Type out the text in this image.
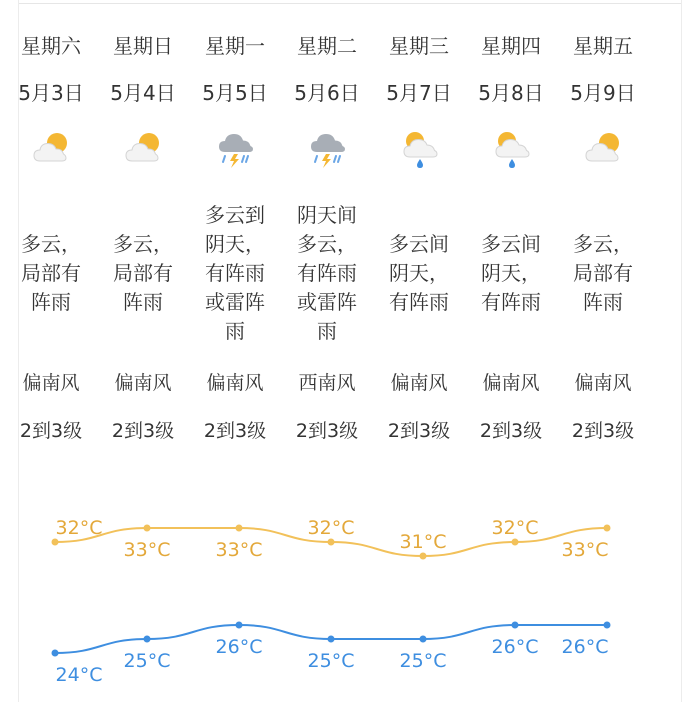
星期六
5月3日
多云，
局部有
阵雨
偏南风
2到3级
星期日
5月4日
多云，
局部有
阵雨
偏南风
2到3级
星期一
5月5日
多云到
阴天，
有阵雨
或雷阵
雨
偏南风
2到3级
星期二
5月6日
阴天间
多云，
有阵雨
或雷阵
雨
西南风
2到3级
星期三
5月7日
多云间
阴天，
有阵雨
偏南风
2到3级
星期四
5月8日
多云间
阴天，
有阵雨
偏南风
2到3级
星期五
5月9日
多云，
局部有
阵雨
偏南风
2到3级
32°C
33°C 33°C
32°C
31°C
32°C
33°C
24°C
25°C
26°C
25°C 25°C
26°C 26°C
